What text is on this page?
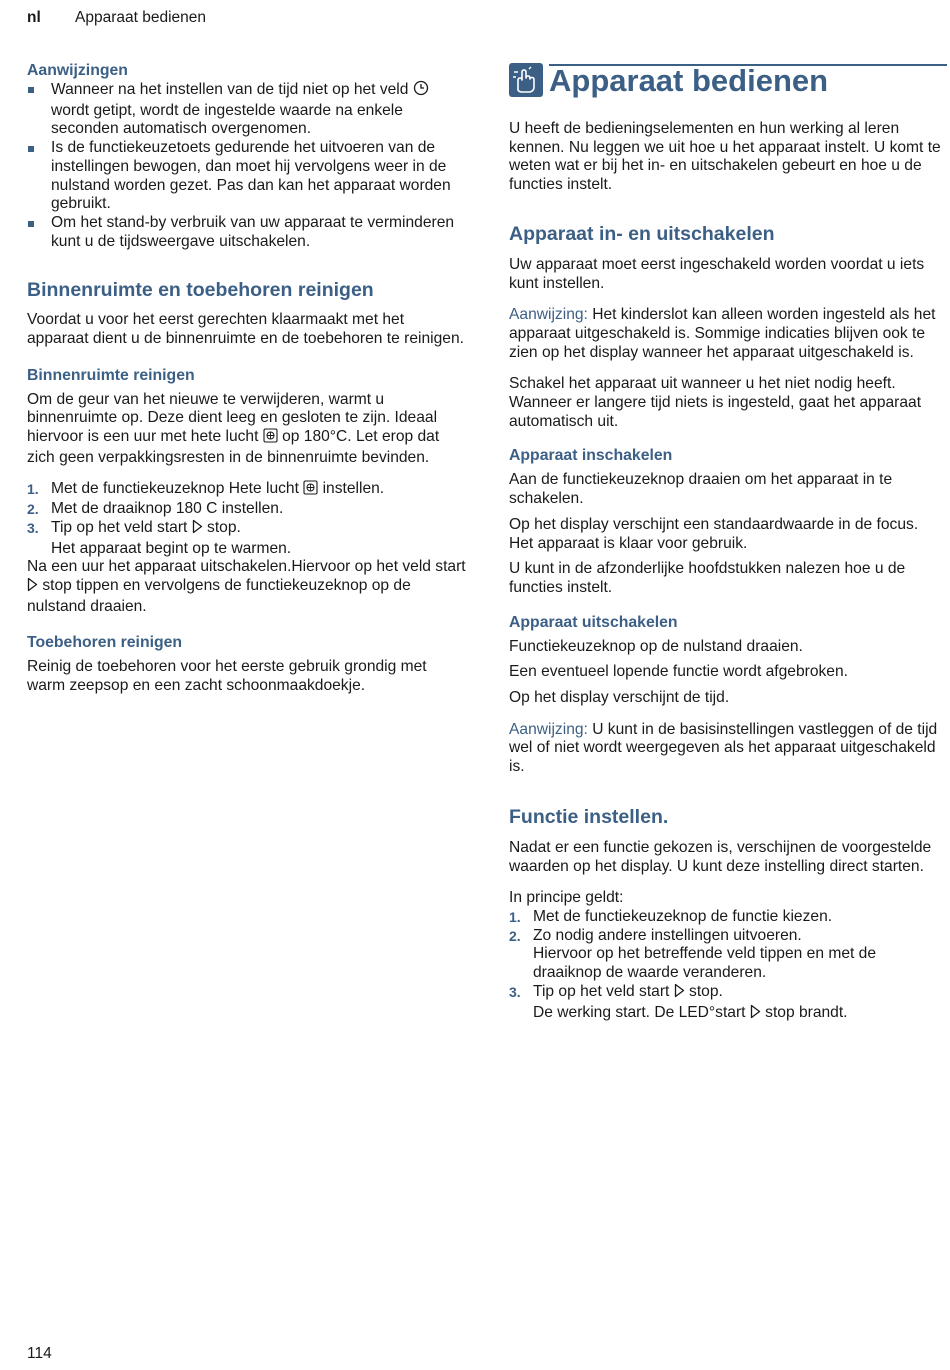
nl Apparaat bedienen
Aanwijzingen
Wanneer na het instellen van de tijd niet op het veld  wordt getipt, wordt de ingestelde waarde na enkele seconden automatisch overgenomen.
Is de functiekeuzetoets gedurende het uitvoeren van de instellingen bewogen, dan moet hij vervolgens weer in de nulstand worden gezet. Pas dan kan het apparaat worden gebruikt.
Om het stand-by verbruik van uw apparaat te verminderen kunt u de tijdsweergave uitschakelen.
Binnenruimte en toebehoren reinigen

Voordat u voor het eerst gerechten klaarmaakt met het apparaat dient u de binnenruimte en de toebehoren te reinigen.

Binnenruimte reinigen

Om de geur van het nieuwe te verwijderen, warmt u binnenruimte op. Deze dient leeg en gesloten te zijn. Ideaal hiervoor is een uur met hete lucht  op 180°C. Let erop dat zich geen verpakkingsresten in de binnenruimte bevinden.

1. Met de functiekeuzeknop Hete lucht  instellen.
2. Met de draaiknop 180 C instellen.
3. Tip op het veld start  stop.
Het apparaat begint op te warmen.

Na een uur het apparaat uitschakelen.Hiervoor op het veld start  stop tippen en vervolgens de functiekeuzeknop op de nulstand draaien.

Toebehoren reinigen

Reinig de toebehoren voor het eerste gebruik grondig met warm zeepsop en een zacht schoonmaakdoekje.

Apparaat bedienen

U heeft de bedieningselementen en hun werking al leren kennen. Nu leggen we uit hoe u het apparaat instelt. U komt te weten wat er bij het in- en uitschakelen gebeurt en hoe u de functies instelt.

Apparaat in- en uitschakelen

Uw apparaat moet eerst ingeschakeld worden voordat u iets kunt instellen.

Aanwijzing: Het kinderslot kan alleen worden ingesteld als het apparaat uitgeschakeld is. Sommige indicaties blijven ook te zien op het display wanneer het apparaat uitgeschakeld is.

Schakel het apparaat uit wanneer u het niet nodig heeft. Wanneer er langere tijd niets is ingesteld, gaat het apparaat automatisch uit.

Apparaat inschakelen

Aan de functiekeuzeknop draaien om het apparaat in te schakelen.

Op het display verschijnt een standaardwaarde in de focus. Het apparaat is klaar voor gebruik.

U kunt in de afzonderlijke hoofdstukken nalezen hoe u de functies instelt.

Apparaat uitschakelen

Functiekeuzeknop op de nulstand draaien.

Een eventueel lopende functie wordt afgebroken.

Op het display verschijnt de tijd.

Aanwijzing: U kunt in de basisinstellingen vastleggen of de tijd wel of niet wordt weergegeven als het apparaat uitgeschakeld is.

Functie instellen.

Nadat er een functie gekozen is, verschijnen de voorgestelde waarden op het display. U kunt deze instelling direct starten.

In principe geldt:

1. Met de functiekeuzeknop de functie kiezen.
2. Zo nodig andere instellingen uitvoeren.
Hiervoor op het betreffende veld tippen en met de draaiknop de waarde veranderen.
3. Tip op het veld start  stop.
De werking start. De LED°start  stop brandt.
114
